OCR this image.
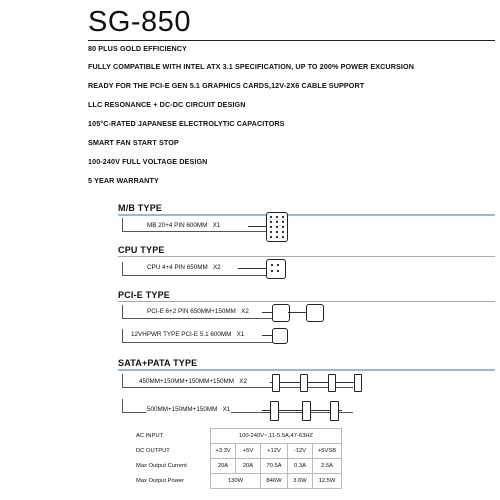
SG-850
80 PLUS GOLD EFFICIENCY
FULLY COMPATIBLE WITH INTEL ATX 3.1 SPECIFICATION, UP TO 200% POWER EXCURSION
READY FOR THE PCI-E GEN 5.1 GRAPHICS CARDS,12V-2X6 CABLE SUPPORT
LLC RESONANCE + DC-DC CIRCUIT DESIGN
105°C-RATED JAPANESE ELECTROLYTIC CAPACITORS
SMART FAN START STOP
100-240V FULL VOLTAGE DESIGN
5 YEAR WARRANTY
M/B TYPE
MB 20+4 PIN 600MM X1
CPU TYPE
CPU 4+4 PIN 650MM X2
PCI-E TYPE
PCI-E 6+2 PIN 650MM+150MM X2
12VHPWR TYPE PCI-E 5.1 600MM X1
SATA+PATA TYPE
450MM+150MM+150MM+150MM X2
500MM+150MM+150MM X1
AC INPUT	100-240V~,11-5.5A,47-63HZ				
DC OUTPUT	+3.3V	+5V	+12V	-12V	+5VSB
Max Output Current	20A	20A	70.5A	0.3A	2.5A
Max Output Power	130W		846W	3.6W	12.5W
